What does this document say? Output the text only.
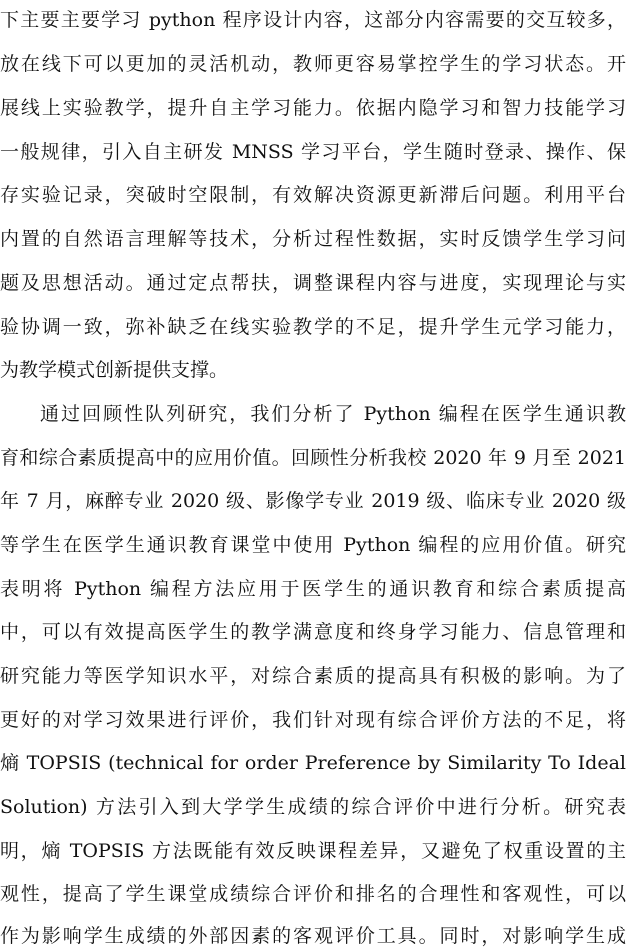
下主要主要学习 python 程序设计内容，这部分内容需要的交互较多，
放在线下可以更加的灵活机动，教师更容易掌控学生的学习状态。开
展线上实验教学，提升自主学习能力。依据内隐学习和智力技能学习
一般规律，引入自主研发 MNSS 学习平台，学生随时登录、操作、保
存实验记录，突破时空限制，有效解决资源更新滞后问题。利用平台
内置的自然语言理解等技术，分析过程性数据，实时反馈学生学习问
题及思想活动。通过定点帮扶，调整课程内容与进度，实现理论与实
验协调一致，弥补缺乏在线实验教学的不足，提升学生元学习能力，
为教学模式创新提供支撑。
通过回顾性队列研究，我们分析了 Python 编程在医学生通识教
育和综合素质提高中的应用价值。回顾性分析我校 2020 年 9 月至 2021
年 7 月，麻醉专业 2020 级、影像学专业 2019 级、临床专业 2020 级
等学生在医学生通识教育课堂中使用 Python 编程的应用价值。研究
表明将 Python 编程方法应用于医学生的通识教育和综合素质提高
中，可以有效提高医学生的教学满意度和终身学习能力、信息管理和
研究能力等医学知识水平，对综合素质的提高具有积极的影响。为了
更好的对学习效果进行评价，我们针对现有综合评价方法的不足，将
熵 TOPSIS (technical for order Preference by Similarity To Ideal
Solution) 方法引入到大学学生成绩的综合评价中进行分析。研究表
明，熵 TOPSIS 方法既能有效反映课程差异，又避免了权重设置的主
观性，提高了学生课堂成绩综合评价和排名的合理性和客观性，可以
作为影响学生成绩的外部因素的客观评价工具。同时，对影响学生成
